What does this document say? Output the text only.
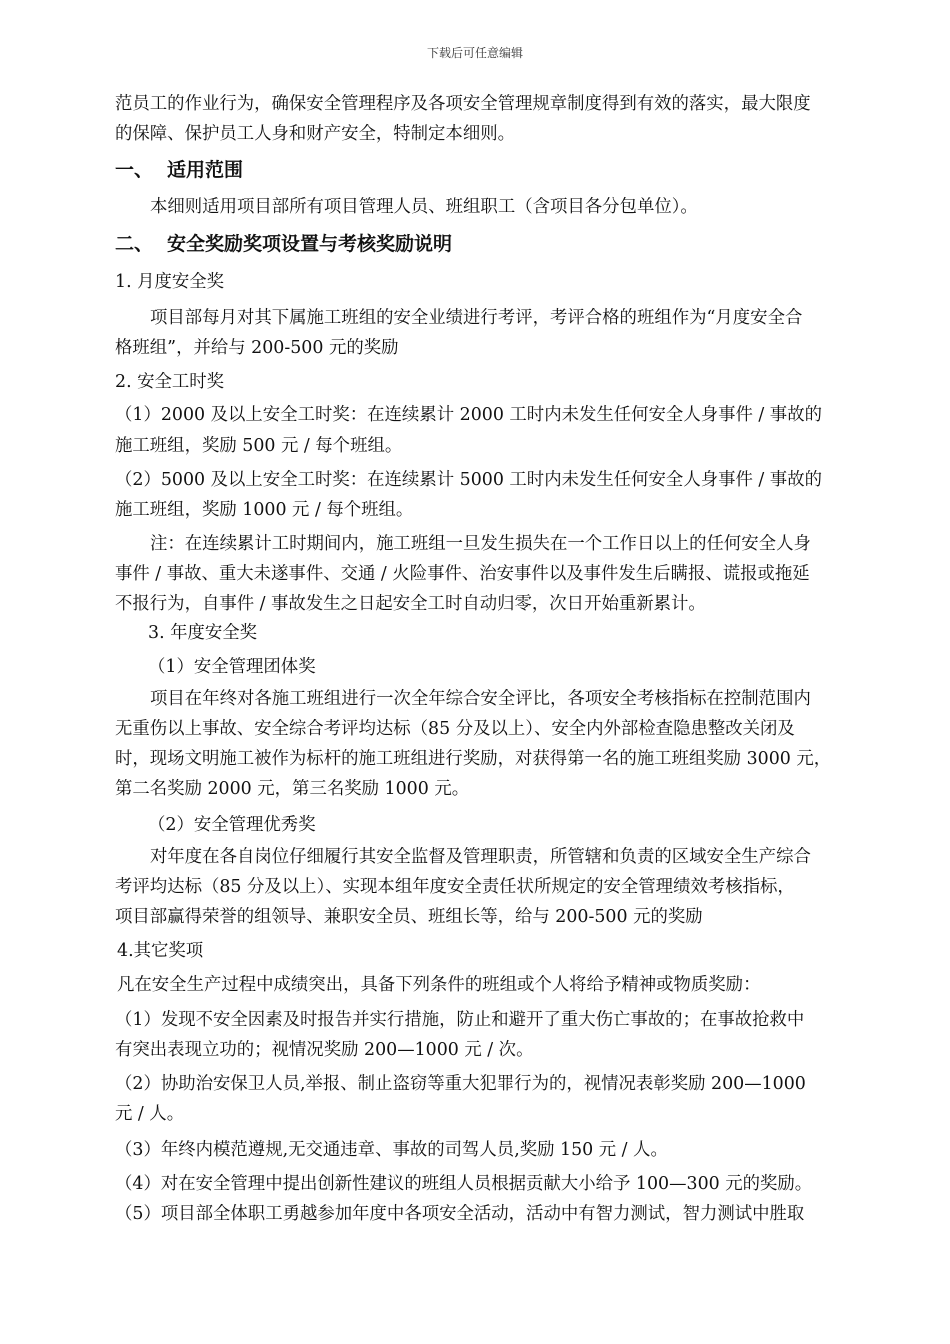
下载后可任意编辑
范员工的作业行为，确保安全管理程序及各项安全管理规章制度得到有效的落实，最大限度
的保障、保护员工人身和财产安全，特制定本细则。
一、 适用范围
本细则适用项目部所有项目管理人员、班组职工（含项目各分包单位）。
二、 安全奖励奖项设置与考核奖励说明
1. 月度安全奖
项目部每月对其下属施工班组的安全业绩进行考评，考评合格的班组作为“月度安全合
格班组”，并给与 200-500 元的奖励
2. 安全工时奖
（1）2000 及以上安全工时奖：在连续累计 2000 工时内未发生任何安全人身事件 / 事故的
施工班组，奖励 500 元 / 每个班组。
（2）5000 及以上安全工时奖：在连续累计 5000 工时内未发生任何安全人身事件 / 事故的
施工班组，奖励 1000 元 / 每个班组。
注：在连续累计工时期间内，施工班组一旦发生损失在一个工作日以上的任何安全人身
事件 / 事故、重大未遂事件、交通 / 火险事件、治安事件以及事件发生后瞒报、谎报或拖延
不报行为，自事件 / 事故发生之日起安全工时自动归零，次日开始重新累计。
3. 年度安全奖
（1）安全管理团体奖
项目在年终对各施工班组进行一次全年综合安全评比，各项安全考核指标在控制范围内
无重伤以上事故、安全综合考评均达标（85 分及以上）、安全内外部检查隐患整改关闭及
时，现场文明施工被作为标杆的施工班组进行奖励，对获得第一名的施工班组奖励 3000 元，
第二名奖励 2000 元，第三名奖励 1000 元。
（2）安全管理优秀奖
对年度在各自岗位仔细履行其安全监督及管理职责，所管辖和负责的区域安全生产综合
考评均达标（85 分及以上）、实现本组年度安全责任状所规定的安全管理绩效考核指标，
项目部赢得荣誉的组领导、兼职安全员、班组长等，给与 200-500 元的奖励
4.其它奖项
凡在安全生产过程中成绩突出，具备下列条件的班组或个人将给予精神或物质奖励：
（1）发现不安全因素及时报告并实行措施，防止和避开了重大伤亡事故的；在事故抢救中
有突出表现立功的；视情况奖励 200—1000 元 / 次。
（2）协助治安保卫人员,举报、制止盗窃等重大犯罪行为的，视情况表彰奖励 200—1000
元 / 人。
（3）年终内模范遵规,无交通违章、事故的司驾人员,奖励 150 元 / 人。
（4）对在安全管理中提出创新性建议的班组人员根据贡献大小给予 100—300 元的奖励。
（5）项目部全体职工勇越参加年度中各项安全活动，活动中有智力测试，智力测试中胜取
